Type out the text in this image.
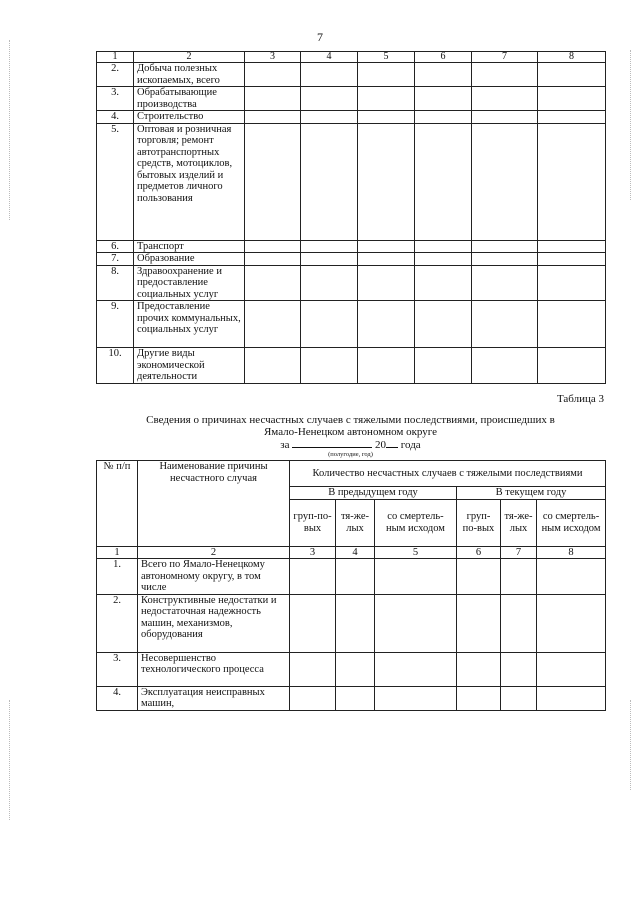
7
1	2	3	4	5	6	7	8
2.	Добыча полезных ископаемых, всего						
3.	Обрабатывающие производства						
4.	Строительство						
5.	Оптовая и розничная торговля; ремонт автотранспортных средств, мотоциклов, бытовых изделий и предметов личного пользования						
6.	Транспорт						
7.	Образование						
8.	Здравоохранение и предоставление социальных услуг						
9.	Предоставление прочих коммунальных, социальных услуг						
10.	Другие виды экономической деятельности						
Таблица 3
Сведения о причинах несчастных случаев с тяжелыми последствиями, происшедших в
Ямало-Ненецком автономном округе
за	20 года
(полугодие, год)
№ п/п	Наименование причины несчастного случая	Количество несчастных случаев с тяжелыми последствиями					
		В предыдущем году			В текущем году		
		груп-по-вых	тя-же-лых	со смертель-ным исходом	груп-по-вых	тя-же-лых	со смертель-ным исходом
1	2	3	4	5	6	7	8
1.	Всего по Ямало-Ненецкому автономному округу, в том числе						
2.	Конструктивные недостатки и недостаточная надежность машин, механизмов, оборудования						
3.	Несовершенство технологического процесса						
4.	Эксплуатация неисправных машин,						
